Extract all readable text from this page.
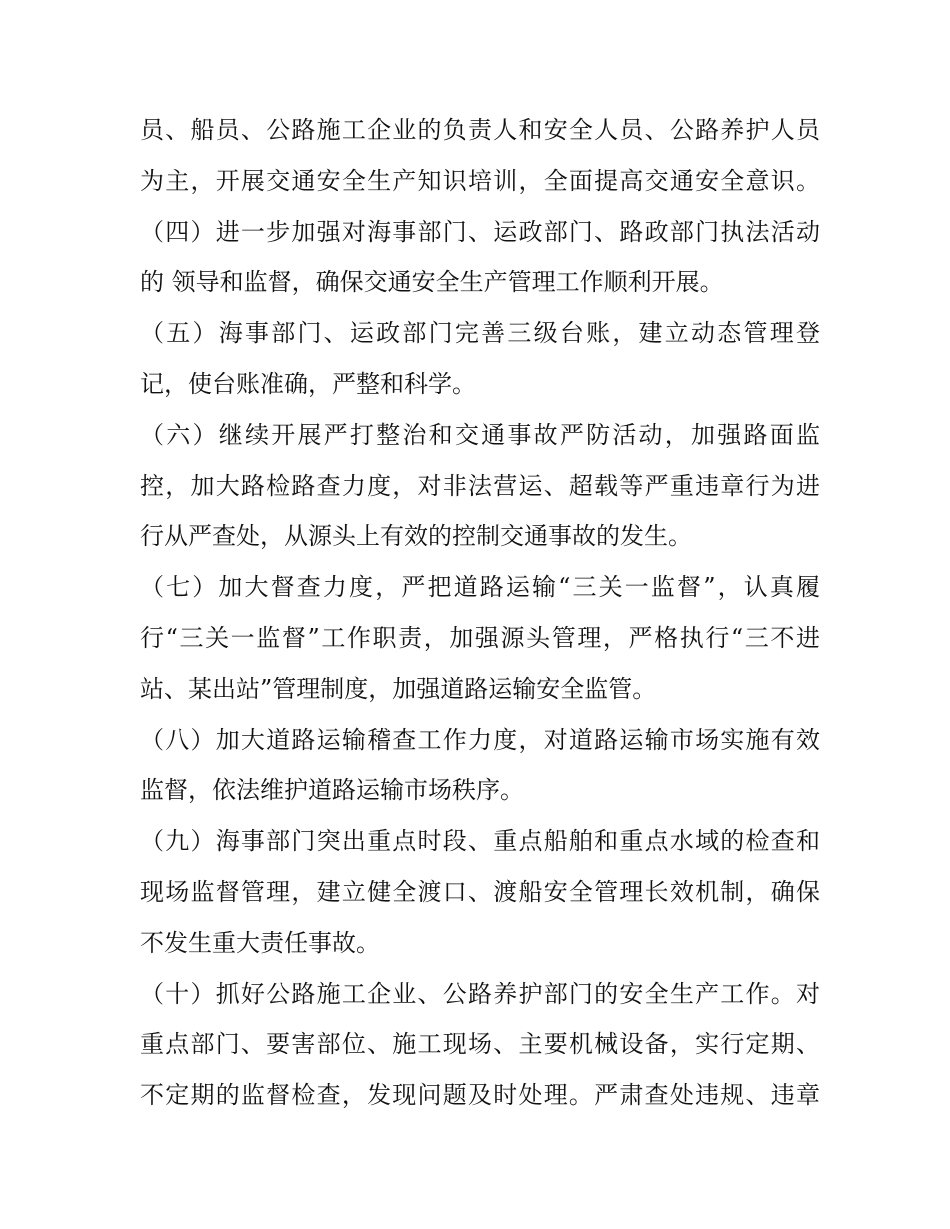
员、船员、公路施工企业的负责人和安全人员、公路养护人员
为主，开展交通安全生产知识培训，全面提高交通安全意识。
（四）进一步加强对海事部门、运政部门、路政部门执法活动
的 领导和监督，确保交通安全生产管理工作顺利开展。
（五）海事部门、运政部门完善三级台账，建立动态管理登
记，使台账准确，严整和科学。
（六）继续开展严打整治和交通事故严防活动，加强路面监
控，加大路检路查力度，对非法营运、超载等严重违章行为进
行从严查处，从源头上有效的控制交通事故的发生。
（七）加大督查力度，严把道路运输“三关一监督”，认真履
行“三关一监督”工作职责，加强源头管理，严格执行“三不进
站、某出站”管理制度，加强道路运输安全监管。
（八）加大道路运输稽查工作力度，对道路运输市场实施有效
监督，依法维护道路运输市场秩序。
（九）海事部门突出重点时段、重点船舶和重点水域的检查和
现场监督管理，建立健全渡口、渡船安全管理长效机制，确保
不发生重大责任事故。
（十）抓好公路施工企业、公路养护部门的安全生产工作。对
重点部门、要害部位、施工现场、主要机械设备，实行定期、
不定期的监督检查，发现问题及时处理。严肃查处违规、违章
